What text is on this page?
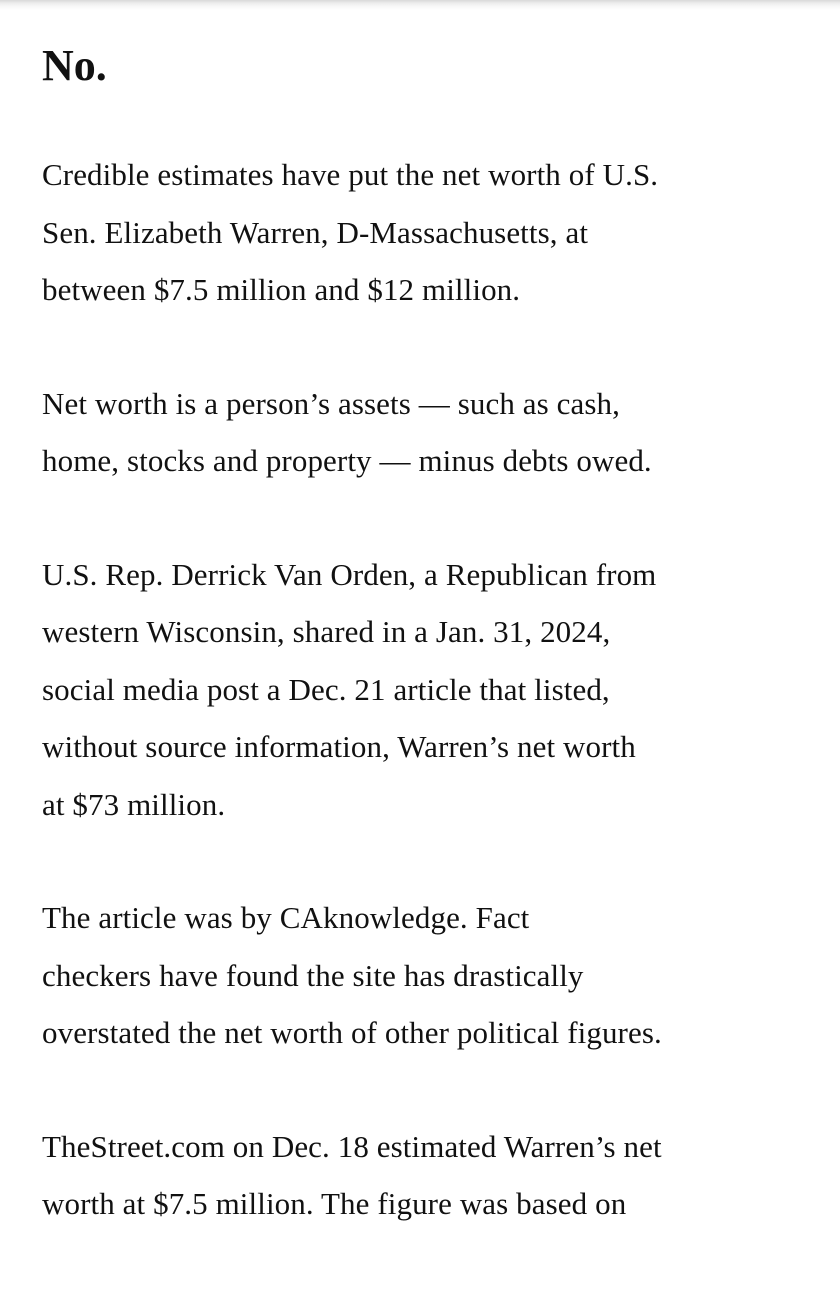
No.

Credible estimates have put the net worth of U.S.
Sen. Elizabeth Warren, D-Massachusetts, at
between $7.5 million and $12 million.

Net worth is a person’s assets — such as cash,
home, stocks and property — minus debts owed.

U.S. Rep. Derrick Van Orden, a Republican from
western Wisconsin, shared in a Jan. 31, 2024,
social media post a Dec. 21 article that listed,
without source information, Warren’s net worth
at $73 million.

The article was by CAknowledge. Fact
checkers have found the site has drastically
overstated the net worth of other political figures.

TheStreet.com on Dec. 18 estimated Warren’s net
worth at $7.5 million. The figure was based on
